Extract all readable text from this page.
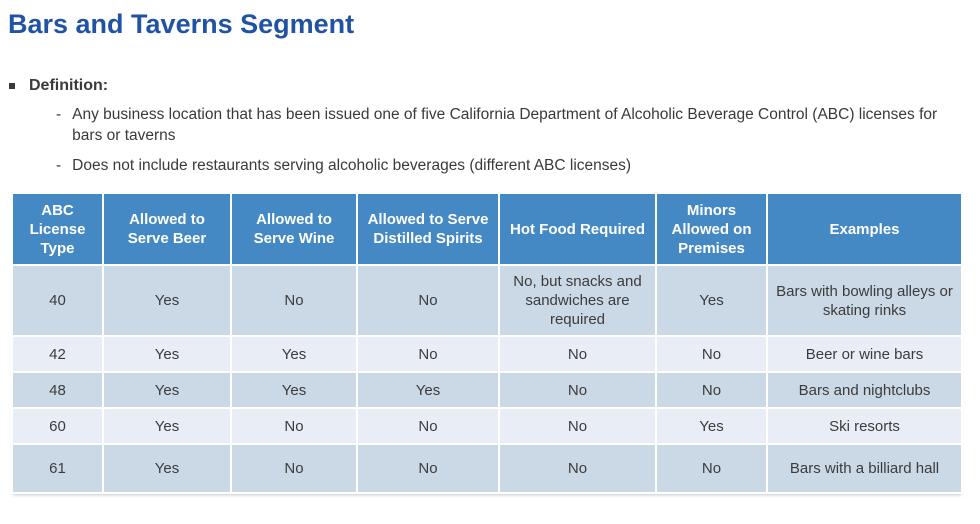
Bars and Taverns Segment
Definition:
- Any business location that has been issued one of five California Department of Alcoholic Beverage Control (ABC) licenses for bars or taverns
- Does not include restaurants serving alcoholic beverages (different ABC licenses)
ABC License Type	Allowed to Serve Beer	Allowed to Serve Wine	Allowed to Serve Distilled Spirits	Hot Food Required	Minors Allowed on Premises	Examples
40	Yes	No	No	No, but snacks and sandwiches are required	Yes	Bars with bowling alleys or skating rinks
42	Yes	Yes	No	No	No	Beer or wine bars
48	Yes	Yes	Yes	No	No	Bars and nightclubs
60	Yes	No	No	No	Yes	Ski resorts
61	Yes	No	No	No	No	Bars with a billiard hall
